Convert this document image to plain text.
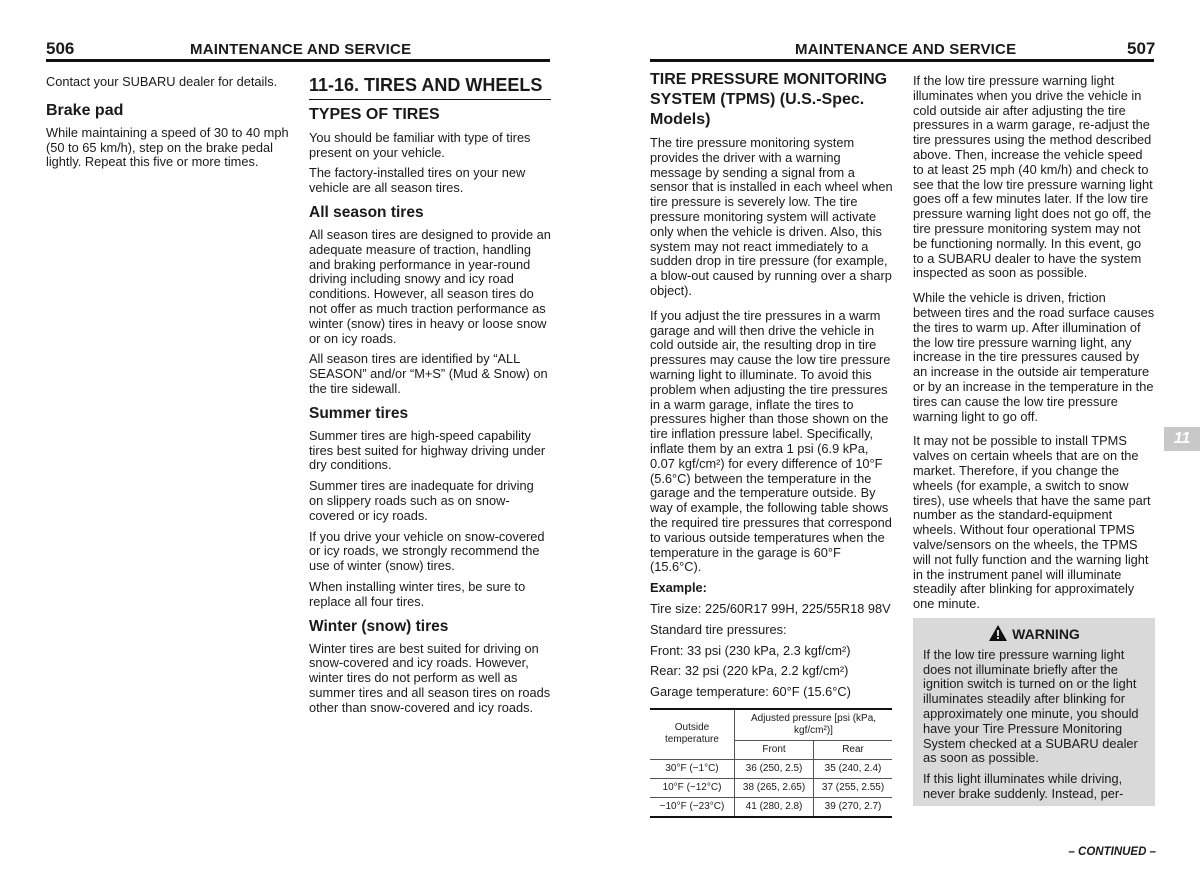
506	MAINTENANCE AND SERVICE	MAINTENANCE AND SERVICE	507

Contact your SUBARU dealer for details.

Brake pad

While maintaining a speed of 30 to 40 mph (50 to 65 km/h), step on the brake pedal lightly. Repeat this five or more times.

11-16. TIRES AND WHEELS
TYPES OF TIRES

You should be familiar with type of tires present on your vehicle.

The factory-installed tires on your new vehicle are all season tires.

All season tires

All season tires are designed to provide an adequate measure of traction, handling and braking performance in year-round driving including snowy and icy road conditions. However, all season tires do not offer as much traction performance as winter (snow) tires in heavy or loose snow or on icy roads.

All season tires are identified by “ALL SEASON” and/or “M+S” (Mud & Snow) on the tire sidewall.

Summer tires

Summer tires are high-speed capability tires best suited for highway driving under dry conditions.

Summer tires are inadequate for driving on slippery roads such as on snow-covered or icy roads.

If you drive your vehicle on snow-covered or icy roads, we strongly recommend the use of winter (snow) tires.

When installing winter tires, be sure to replace all four tires.

Winter (snow) tires

Winter tires are best suited for driving on snow-covered and icy roads. However, winter tires do not perform as well as summer tires and all season tires on roads other than snow-covered and icy roads.

TIRE PRESSURE MONITORING SYSTEM (TPMS) (U.S.-Spec. Models)

The tire pressure monitoring system provides the driver with a warning message by sending a signal from a sensor that is installed in each wheel when tire pressure is severely low. The tire pressure monitoring system will activate only when the vehicle is driven. Also, this system may not react immediately to a sudden drop in tire pressure (for example, a blow-out caused by running over a sharp object).

If you adjust the tire pressures in a warm garage and will then drive the vehicle in cold outside air, the resulting drop in tire pressures may cause the low tire pressure warning light to illuminate. To avoid this problem when adjusting the tire pressures in a warm garage, inflate the tires to pressures higher than those shown on the tire inflation pressure label. Specifically, inflate them by an extra 1 psi (6.9 kPa, 0.07 kgf/cm²) for every difference of 10°F (5.6°C) between the temperature in the garage and the temperature outside. By way of example, the following table shows the required tire pressures that correspond to various outside temperatures when the temperature in the garage is 60°F (15.6°C).

Example:

Tire size: 225/60R17 99H, 225/55R18 98V

Standard tire pressures:

Front: 33 psi (230 kPa, 2.3 kgf/cm²)

Rear: 32 psi (220 kPa, 2.2 kgf/cm²)

Garage temperature: 60°F (15.6°C)

Outside temperature	Adjusted pressure [psi (kPa, kgf/cm²)]	
	Front	Rear
30°F (−1°C)	36 (250, 2.5)	35 (240, 2.4)
10°F (−12°C)	38 (265, 2.65)	37 (255, 2.55)
−10°F (−23°C)	41 (280, 2.8)	39 (270, 2.7)

If the low tire pressure warning light illuminates when you drive the vehicle in cold outside air after adjusting the tire pressures in a warm garage, re-adjust the tire pressures using the method described above. Then, increase the vehicle speed to at least 25 mph (40 km/h) and check to see that the low tire pressure warning light goes off a few minutes later. If the low tire pressure warning light does not go off, the tire pressure monitoring system may not be functioning normally. In this event, go to a SUBARU dealer to have the system inspected as soon as possible.

While the vehicle is driven, friction between tires and the road surface causes the tires to warm up. After illumination of the low tire pressure warning light, any increase in the tire pressures caused by an increase in the outside air temperature or by an increase in the temperature in the tires can cause the low tire pressure warning light to go off.

It may not be possible to install TPMS valves on certain wheels that are on the market. Therefore, if you change the wheels (for example, a switch to snow tires), use wheels that have the same part number as the standard-equipment wheels. Without four operational TPMS valve/sensors on the wheels, the TPMS will not fully function and the warning light in the instrument panel will illuminate steadily after blinking for approximately one minute.

WARNING

If the low tire pressure warning light does not illuminate briefly after the ignition switch is turned on or the light illuminates steadily after blinking for approximately one minute, you should have your Tire Pressure Monitoring System checked at a SUBARU dealer as soon as possible.

If this light illuminates while driving, never brake suddenly. Instead, per-

11
– CONTINUED –
